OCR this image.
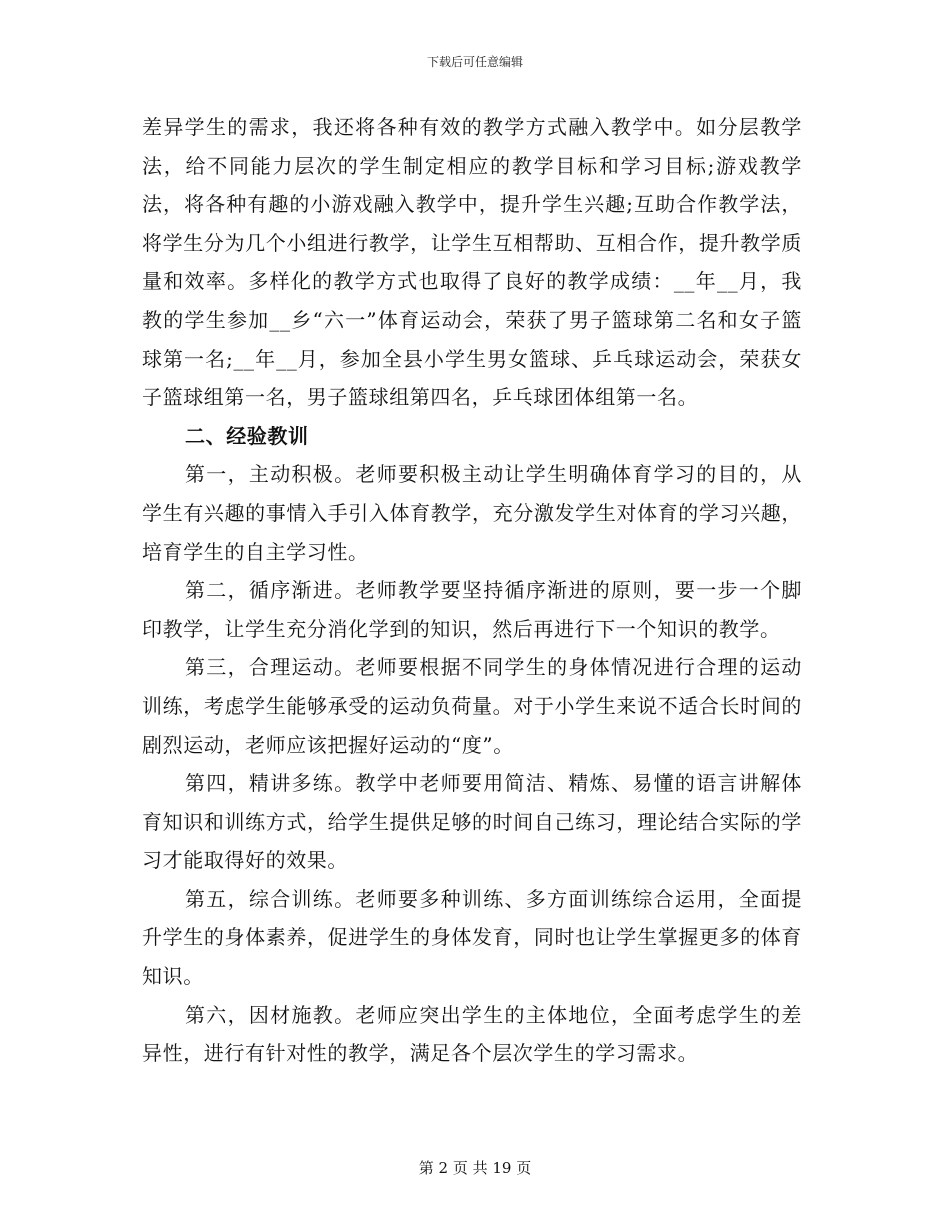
下载后可任意编辑

差异学生的需求，我还将各种有效的教学方式融入教学中。如分层教学法，给不同能力层次的学生制定相应的教学目标和学习目标;游戏教学法，将各种有趣的小游戏融入教学中，提升学生兴趣;互助合作教学法，将学生分为几个小组进行教学，让学生互相帮助、互相合作，提升教学质量和效率。多样化的教学方式也取得了良好的教学成绩：__年__月，我教的学生参加__乡“六一”体育运动会，荣获了男子篮球第二名和女子篮球第一名;__年__月，参加全县小学生男女篮球、乒乓球运动会，荣获女子篮球组第一名，男子篮球组第四名，乒乓球团体组第一名。

二、经验教训

第一，主动积极。老师要积极主动让学生明确体育学习的目的，从学生有兴趣的事情入手引入体育教学，充分激发学生对体育的学习兴趣，培育学生的自主学习性。

第二，循序渐进。老师教学要坚持循序渐进的原则，要一步一个脚印教学，让学生充分消化学到的知识，然后再进行下一个知识的教学。

第三，合理运动。老师要根据不同学生的身体情况进行合理的运动训练，考虑学生能够承受的运动负荷量。对于小学生来说不适合长时间的剧烈运动，老师应该把握好运动的“度”。

第四，精讲多练。教学中老师要用简洁、精炼、易懂的语言讲解体育知识和训练方式，给学生提供足够的时间自己练习，理论结合实际的学习才能取得好的效果。

第五，综合训练。老师要多种训练、多方面训练综合运用，全面提升学生的身体素养，促进学生的身体发育，同时也让学生掌握更多的体育知识。

第六，因材施教。老师应突出学生的主体地位，全面考虑学生的差异性，进行有针对性的教学，满足各个层次学生的学习需求。

第 2 页 共 19 页
